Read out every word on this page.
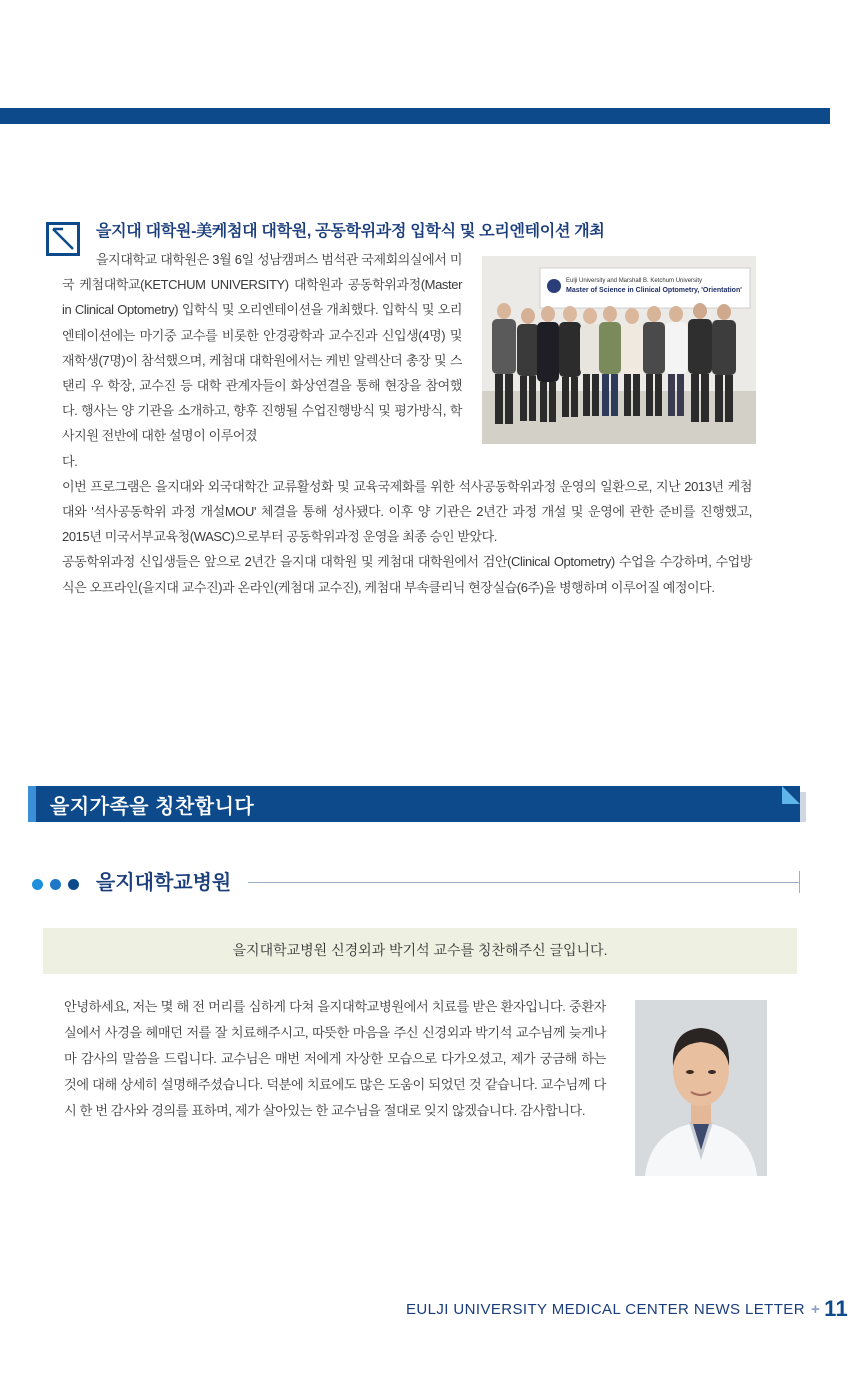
을지대 대학원-美케첨대 대학원, 공동학위과정 입학식 및 오리엔테이션 개최
Eulji University and Marshall B. Ketchum University
Master of Science in Clinical Optometry, 'Orientation'

을지대학교 대학원은 3월 6일 성남캠퍼스 범석관 국제회의실에서 미국 케첨대학교(KETCHUM UNIVERSITY) 대학원과 공동학위과정(Master in Clinical Optometry) 입학식 및 오리엔테이션을 개최했다. 입학식 및 오리엔테이션에는 마기중 교수를 비롯한 안경광학과 교수진과 신입생(4명) 및 재학생(7명)이 참석했으며, 케첨대 대학원에서는 케빈 알렉산더 총장 및 스탠리 우 학장, 교수진 등 대학 관계자들이 화상연결을 통해 현장을 참여했다. 행사는 양 기관을 소개하고, 향후 진행될 수업진행방식 및 평가방식, 학사지원 전반에 대한 설명이 이루어졌

다.

이번 프로그램은 을지대와 외국대학간 교류활성화 및 교육국제화를 위한 석사공동학위과정 운영의 일환으로, 지난 2013년 케첨대와 '석사공동학위 과정 개설MOU' 체결을 통해 성사됐다. 이후 양 기관은 2년간 과정 개설 및 운영에 관한 준비를 진행했고, 2015년 미국서부교육청(WASC)으로부터 공동학위과정 운영을 최종 승인 받았다.

공동학위과정 신입생들은 앞으로 2년간 을지대 대학원 및 케첨대 대학원에서 검안(Clinical Optometry) 수업을 수강하며, 수업방식은 오프라인(을지대 교수진)과 온라인(케첨대 교수진), 케첨대 부속클리닉 현장실습(6주)을 병행하며 이루어질 예정이다.

을지가족을 칭찬합니다
을지대학교병원
을지대학교병원 신경외과 박기석 교수를 칭찬해주신 글입니다.

안녕하세요, 저는 몇 해 전 머리를 심하게 다쳐 을지대학교병원에서 치료를 받은 환자입니다. 중환자실에서 사경을 헤매던 저를 잘 치료해주시고, 따뜻한 마음을 주신 신경외과 박기석 교수님께 늦게나마 감사의 말씀을 드립니다. 교수님은 매번 저에게 자상한 모습으로 다가오셨고, 제가 궁금해 하는 것에 대해 상세히 설명해주셨습니다. 덕분에 치료에도 많은 도움이 되었던 것 같습니다. 교수님께 다시 한 번 감사와 경의를 표하며, 제가 살아있는 한 교수님을 절대로 잊지 않겠습니다. 감사합니다.

EULJI UNIVERSITY MEDICAL CENTER NEWS LETTER + 11
